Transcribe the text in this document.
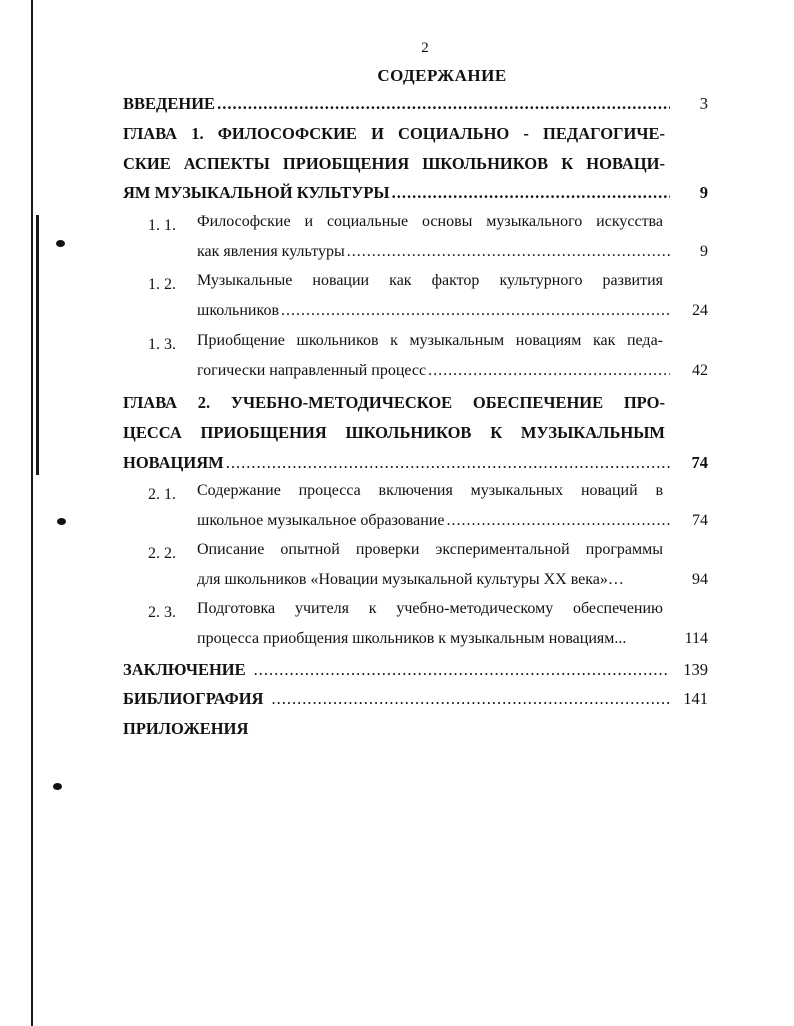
2
СОДЕРЖАНИЕ
ВВЕДЕНИЕ .....	3
ГЛАВА 1. ФИЛОСОФСКИЕ И СОЦИАЛЬНО - ПЕДАГОГИЧЕ-
СКИЕ АСПЕКТЫ ПРИОБЩЕНИЯ ШКОЛЬНИКОВ К НОВАЦИ-
ЯМ МУЗЫКАЛЬНОЙ КУЛЬТУРЫ .....	9
1. 1. Философские и социальные основы музыкального искусства
как явления культуры .....	9
1. 2. Музыкальные новации как фактор культурного развития
школьников .....	24
1. 3. Приобщение школьников к музыкальным новациям как педа-
гогически направленный процесс .....	42
ГЛАВА 2. УЧЕБНО-МЕТОДИЧЕСКОЕ ОБЕСПЕЧЕНИЕ ПРО-
ЦЕССА ПРИОБЩЕНИЯ ШКОЛЬНИКОВ К МУЗЫКАЛЬНЫМ
НОВАЦИЯМ .....	74
2. 1. Содержание процесса включения музыкальных новаций в
школьное музыкальное образование .....	74
2. 2. Описание опытной проверки экспериментальной программы
для школьников «Новации музыкальной культуры XX века»…	94
2. 3. Подготовка учителя к учебно-методическому обеспечению
процесса приобщения школьников к музыкальным новациям...	114
ЗАКЛЮЧЕНИЕ .....	139
БИБЛИОГРАФИЯ .....	141
ПРИЛОЖЕНИЯ
